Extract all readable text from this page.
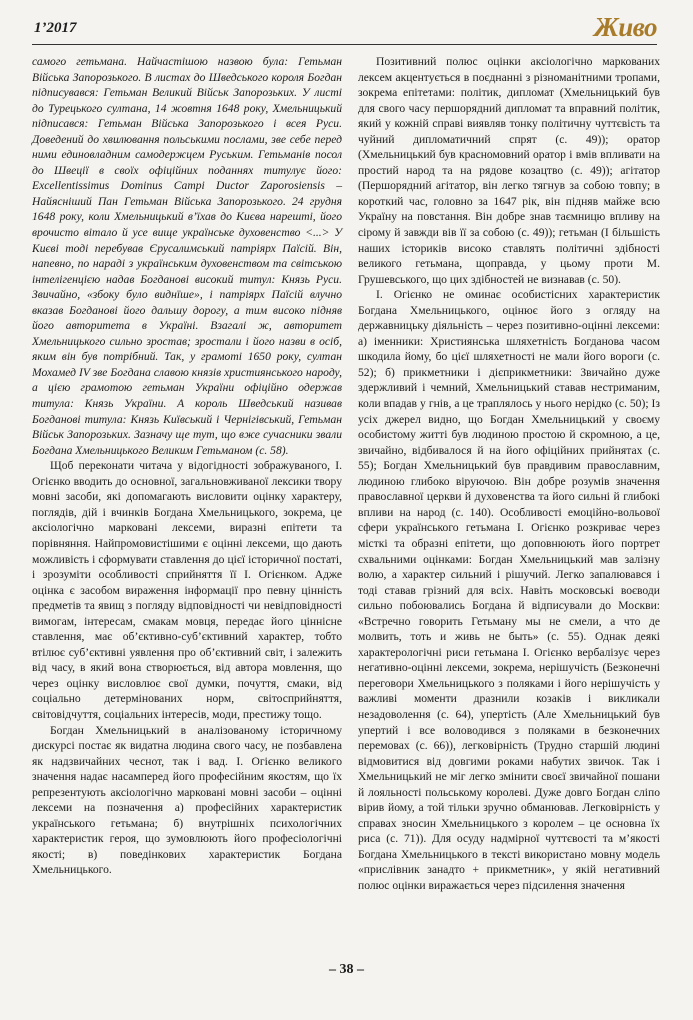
1’2017	Живо

самого гетьмана. Найчастішою назвою була: Гетьман Війська Запорозького. В листах до Шведського короля Богдан підписувався: Гетьман Великий Військ Запорозьких. У листі до Турецького султана, 14 жовтня 1648 року, Хмельницький підписався: Гетьман Війська Запорозького і всея Руси. Доведений до хвилювання польськими послами, зве себе перед ними единовладним самодержцем Руським. Гетьманів посол до Швеції в своїх офіційних поданнях титулує його: Excellentissimus Dominus Campi Ductor Zaporosiensis – Найясніший Пан Гетьман Війська Запорозького. 24 грудня 1648 року, коли Хмельницький в’їхав до Києва нарешті, його врочисто вітало й усе вище українське духовенство <...> У Києві тоді перебував Єрусалимський патріярх Паїсій. Він, напевно, по нараді з українським духовенством та світською інтелігенцією надав Богданові високий титул: Князь Руси. Звичайно, «збоку було виднїше», і патріярх Паїсій влучно вказав Богданові його дальшу дорогу, а тим високо підняв його авторитета в Україні. Взагалі ж, авторитет Хмельницького сильно зростав; зростали і його назви в осіб, яким він був потрібний. Так, у грамоті 1650 року, султан Мохамед IV зве Богдана славою князів християнського народу, а цією грамотою гетьман України офіційно одержав титула: Князь України. А король Шведський називав Богданові титула: Князь Київський і Чернігівський, Гетьман Військ Запорозьких. Зазначу ще тут, що вже сучасники звали Богдана Хмельницького Великим Гетьманом (с. 58).

Щоб переконати читача у відогідності зображуваного, І. Огієнко вводить до основної, загальновживаної лексики твору мовні засоби, які допомагають висловити оцінку характеру, поглядів, дій і вчинків Богдана Хмельницького, зокрема, це аксіологічно марковані лексеми, виразні епітети та порівняння. Найпромовистішими є оцінні лексеми, що дають можливість і сформувати ставлення до цієї історичної постаті, і зрозуміти особливості сприйняття її І. Огієнком. Адже оцінка є засобом вираження інформації про певну цінність предметів та явищ з погляду відповідності чи невідповідності вимогам, інтересам, смакам мовця, передає його ціннісне ставлення, має об’єктивно-суб’єктивний характер, тобто втілює суб’єктивні уявлення про об’єктивний світ, і залежить від часу, в який вона створюється, від автора мовлення, що через оцінку висловлює свої думки, почуття, смаки, від соціально детермінованих норм, світосприйняття, світовідчуття, соціальних інтересів, моди, престижу тощо.

Богдан Хмельницький в аналізованому історичному дискурсі постає як видатна людина свого часу, не позбавлена як надзвичайних чеснот, так і вад. І. Огієнко великого значення надає насамперед його професійним якостям, що їх репрезентують аксіологічно марковані мовні засоби – оцінні лексеми на позначення а) професійних характеристик українського гетьмана; б) внутрішніх психологічних характеристик героя, що зумовлюють його професіологічні якості; в) поведінкових характеристик Богдана Хмельницького.

Позитивний полюс оцінки аксіологічно маркованих лексем акцентується в поєднанні з різноманітними тропами, зокрема епітетами: політик, дипломат (Хмельницький був для свого часу першорядний дипломат та вправний політик, який у кожній справі виявляв тонку політичну чуттєвість та чуйний дипломатичний спрят (с. 49)); оратор (Хмельницький був красномовний оратор і вмів впливати на простий народ та на рядове козацтво (с. 49)); агітатор (Першорядний агітатор, він легко тягнув за собою товпу; в короткий час, головно за 1647 рік, він підняв майже всю Україну на повстання. Він добре знав таємницю впливу на сірому й завжди вів її за собою (с. 49)); гетьман (І більшість наших істориків високо ставлять політичні здібності великого гетьмана, щоправда, у цьому проти М. Грушевського, що цих здібностей не визнавав (с. 50).

І. Огієнко не оминає особистісних характеристик Богдана Хмельницького, оцінює його з огляду на державницьку діяльність – через позитивно-оцінні лексеми: а) іменники: Християнська шляхетність Богданова часом шкодила йому, бо цієї шляхетності не мали його вороги (с. 52); б) прикметники і дієприкметники: Звичайно дуже здержливий і чемний, Хмельницький ставав нестриманим, коли впадав у гнів, а це траплялось у нього нерідко (с. 50); Із усіх джерел видно, що Богдан Хмельницький у своєму особистому житті був людиною простою й скромною, а це, звичайно, відбивалося й на його офіційних прийнятах (с. 55); Богдан Хмельницький був правдивим православним, людиною глибоко віруючою. Він добре розумів значення православної церкви й духовенства та його сильні й глибокі впливи на народ (с. 140). Особливості емоційно-вольової сфери українського гетьмана І. Огієнко розкриває через місткі та образні епітети, що доповнюють його портрет схвальними оцінками: Богдан Хмельницький мав залізну волю, а характер сильний і рішучий. Легко запалювався і тоді ставав грізний для всіх. Навіть московські воєводи сильно побоювались Богдана й відписували до Москви: «Встречно говорить Гетьману мы не смели, а что де молвить, тоть и живь не быть» (с. 55). Однак деякі характерологічні риси гетьмана І. Огієнко вербалізує через негативно-оцінні лексеми, зокрема, нерішучість (Безконечні переговори Хмельницького з поляками і його нерішучість у важливі моменти дразнили козаків і викликали незадоволення (с. 64), упертість (Але Хмельницький був упертий і все воловодився з поляками в безконечних перемовах (с. 66)), легковірність (Трудно старшій людині відмовитися від довгими роками набутих звичок. Так і Хмельницький не міг легко змінити своєї звичайної пошани й лояльності польському королеві. Дуже довго Богдан сліпо вірив йому, а той тільки зручно обманював. Легковірність у справах зносин Хмельницького з королем – це основна їх риса (с. 71)). Для осуду надмірної чуттєвості та м’якості Богдана Хмельницького в тексті використано мовну модель «прислівник занадто + прикметник», у якій негативний полюс оцінки виражається через підсилення значення

– 38 –
